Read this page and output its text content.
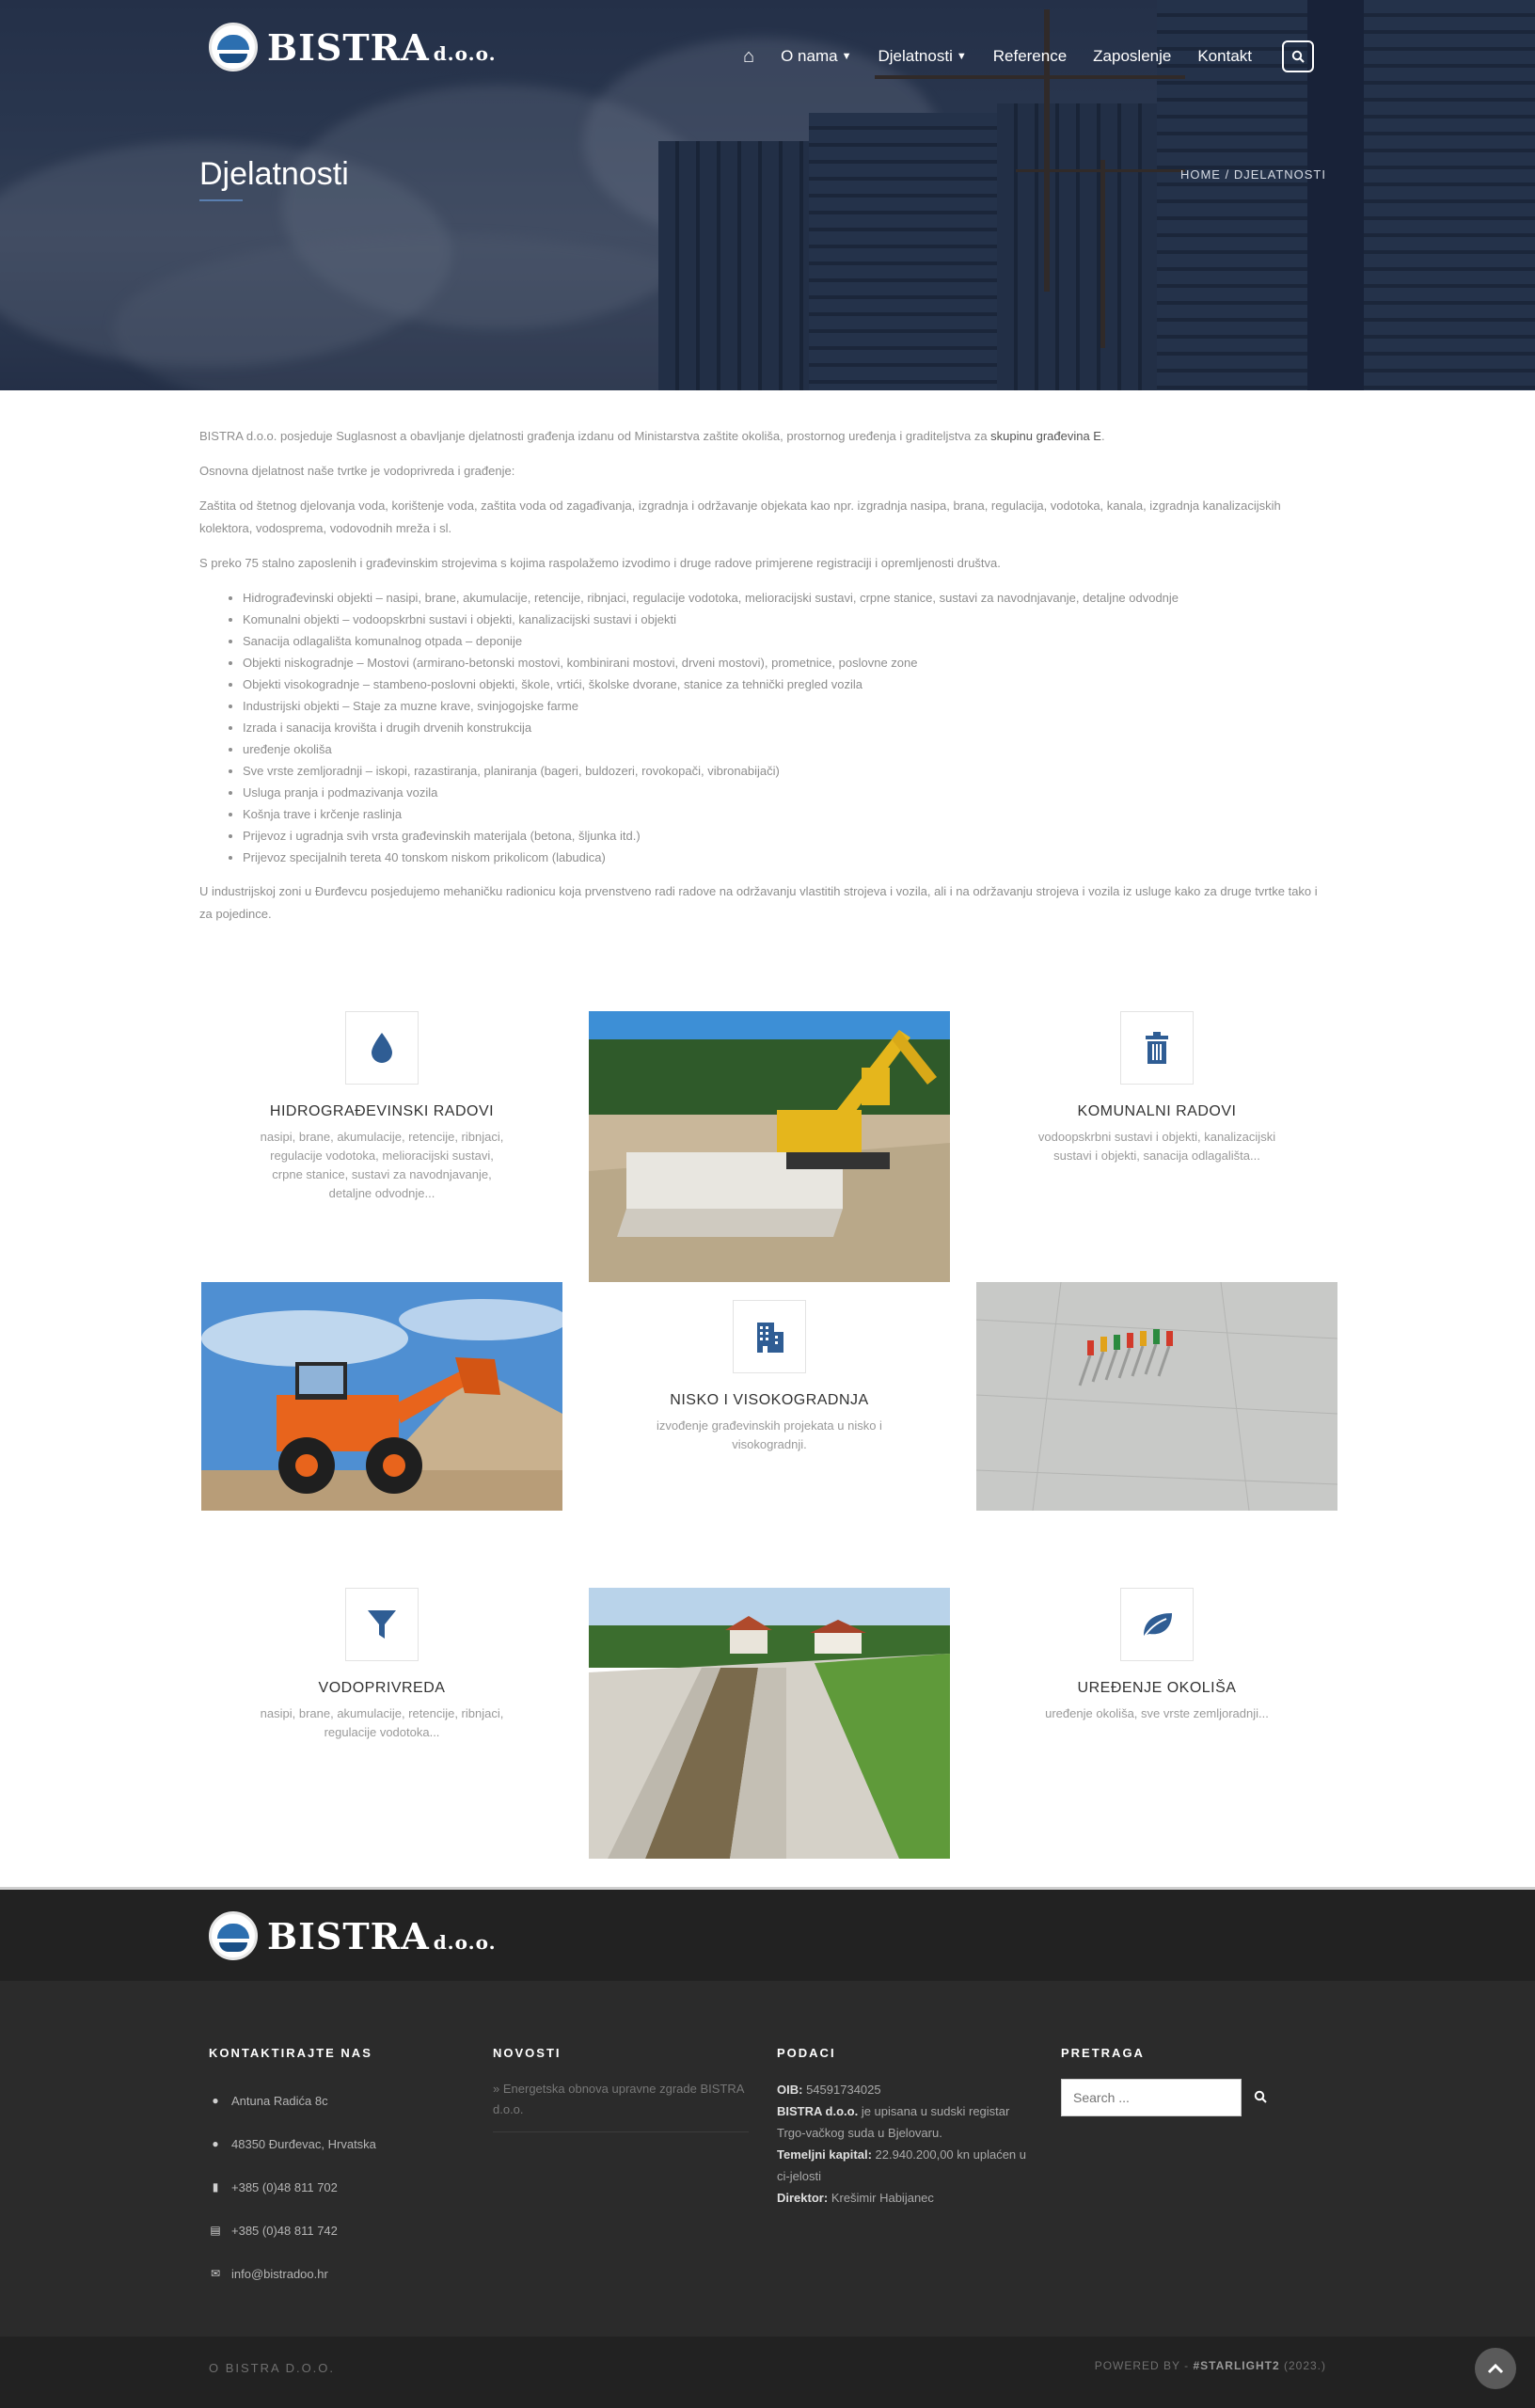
BISTRA d.o.o.	⌂ O nama ▼ Djelatnosti ▼ Reference Zaposlenje Kontakt
Djelatnosti	HOME / DJELATNOSTI

BISTRA d.o.o. posjeduje Suglasnost a obavljanje djelatnosti građenja izdanu od Ministarstva zaštite okoliša, prostornog uređenja i graditeljstva za skupinu građevina E.

Osnovna djelatnost naše tvrtke je vodoprivreda i građenje:

Zaštita od štetnog djelovanja voda, korištenje voda, zaštita voda od zagađivanja, izgradnja i održavanje objekata kao npr. izgradnja nasipa, brana, regulacija, vodotoka, kanala, izgradnja kanalizacijskih kolektora, vodosprema, vodovodnih mreža i sl.

S preko 75 stalno zaposlenih i građevinskim strojevima s kojima raspolažemo izvodimo i druge radove primjerene registraciji i opremljenosti društva.

• Hidrograđevinski objekti – nasipi, brane, akumulacije, retencije, ribnjaci, regulacije vodotoka, melioracijski sustavi, crpne stanice, sustavi za navodnjavanje, detaljne odvodnje
• Komunalni objekti – vodoopskrbni sustavi i objekti, kanalizacijski sustavi i objekti
• Sanacija odlagališta komunalnog otpada – deponije
• Objekti niskogradnje – Mostovi (armirano-betonski mostovi, kombinirani mostovi, drveni mostovi), prometnice, poslovne zone
• Objekti visokogradnje – stambeno-poslovni objekti, škole, vrtići, školske dvorane, stanice za tehnički pregled vozila
• Industrijski objekti – Staje za muzne krave, svinjogojske farme
• Izrada i sanacija krovišta i drugih drvenih konstrukcija
• uređenje okoliša
• Sve vrste zemljoradnji – iskopi, razastiranja, planiranja (bageri, buldozeri, rovokopači, vibronabijači)
• Usluga pranja i podmazivanja vozila
• Košnja trave i krčenje raslinja
• Prijevoz i ugradnja svih vrsta građevinskih materijala (betona, šljunka itd.)
• Prijevoz specijalnih tereta 40 tonskom niskom prikolicom (labudica)

U industrijskoj zoni u Đurđevcu posjedujemo mehaničku radionicu koja prvenstveno radi radove na održavanju vlastitih strojeva i vozila, ali i na održavanju strojeva i vozila iz usluge kako za druge tvrtke tako i za pojedince.

HIDROGRAĐEVINSKI RADOVI
nasipi, brane, akumulacije, retencije, ribnjaci, regulacije vodotoka, melioracijski sustavi, crpne stanice, sustavi za navodnjavanje, detaljne odvodnje...
KOMUNALNI RADOVI
vodoopskrbni sustavi i objekti, kanalizacijski sustavi i objekti, sanacija odlagališta...
NISKO I VISOKOGRADNJA
izvođenje građevinskih projekata u nisko i visokogradnji.
VODOPRIVREDA
nasipi, brane, akumulacije, retencije, ribnjaci, regulacije vodotoka...
UREĐENJE OKOLIŠA
uređenje okoliša, sve vrste zemljoradnji...
BISTRA d.o.o.
KONTAKTIRAJTE NAS
● Antuna Radića 8c
● 48350 Đurđevac, Hrvatska
▮ +385 (0)48 811 702
▤ +385 (0)48 811 742
✉ info@bistradoo.hr
NOVOSTI
» Energetska obnova upravne zgrade BISTRA d.o.o.
PODACI
OIB: 54591734025
BISTRA d.o.o. je upisana u sudski registar Trgo-vačkog suda u Bjelovaru.
Temeljni kapital: 22.940.200,00 kn uplaćen u ci-jelosti
Direktor: Krešimir Habijanec
PRETRAGA
Search ...
O BISTRA D.O.O.	POWERED BY - #STARLIGHT2 (2023.)
